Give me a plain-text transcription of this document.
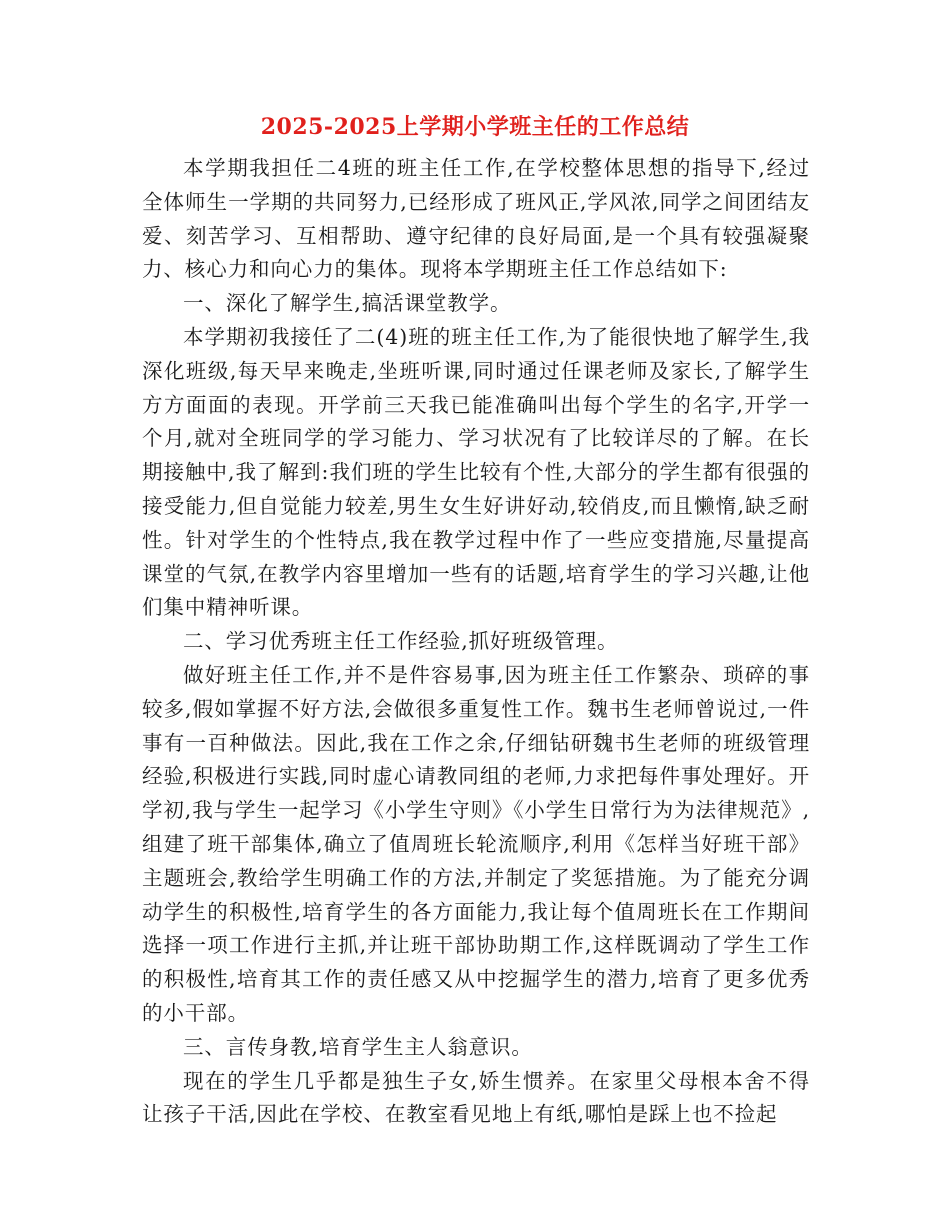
2025-2025上学期小学班主任的工作总结

本学期我担任二4班的班主任工作,在学校整体思想的指导下,经过全体师生一学期的共同努力,已经形成了班风正,学风浓,同学之间团结友爱、刻苦学习、互相帮助、遵守纪律的良好局面,是一个具有较强凝聚力、核心力和向心力的集体。现将本学期班主任工作总结如下:

一、深化了解学生,搞活课堂教学。

本学期初我接任了二(4)班的班主任工作,为了能很快地了解学生,我深化班级,每天早来晚走,坐班听课,同时通过任课老师及家长,了解学生方方面面的表现。开学前三天我已能准确叫出每个学生的名字,开学一个月,就对全班同学的学习能力、学习状况有了比较详尽的了解。在长期接触中,我了解到:我们班的学生比较有个性,大部分的学生都有很强的接受能力,但自觉能力较差,男生女生好讲好动,较俏皮,而且懒惰,缺乏耐性。针对学生的个性特点,我在教学过程中作了一些应变措施,尽量提高课堂的气氛,在教学内容里增加一些有的话题,培育学生的学习兴趣,让他们集中精神听课。

二、学习优秀班主任工作经验,抓好班级管理。

做好班主任工作,并不是件容易事,因为班主任工作繁杂、琐碎的事较多,假如掌握不好方法,会做很多重复性工作。魏书生老师曾说过,一件事有一百种做法。因此,我在工作之余,仔细钻研魏书生老师的班级管理经验,积极进行实践,同时虚心请教同组的老师,力求把每件事处理好。开学初,我与学生一起学习《小学生守则》《小学生日常行为为法律规范》,组建了班干部集体,确立了值周班长轮流顺序,利用《怎样当好班干部》主题班会,教给学生明确工作的方法,并制定了奖惩措施。为了能充分调动学生的积极性,培育学生的各方面能力,我让每个值周班长在工作期间选择一项工作进行主抓,并让班干部协助期工作,这样既调动了学生工作的积极性,培育其工作的责任感又从中挖掘学生的潜力,培育了更多优秀的小干部。

三、言传身教,培育学生主人翁意识。

现在的学生几乎都是独生子女,娇生惯养。在家里父母根本舍不得让孩子干活,因此在学校、在教室看见地上有纸,哪怕是踩上也不捡起
